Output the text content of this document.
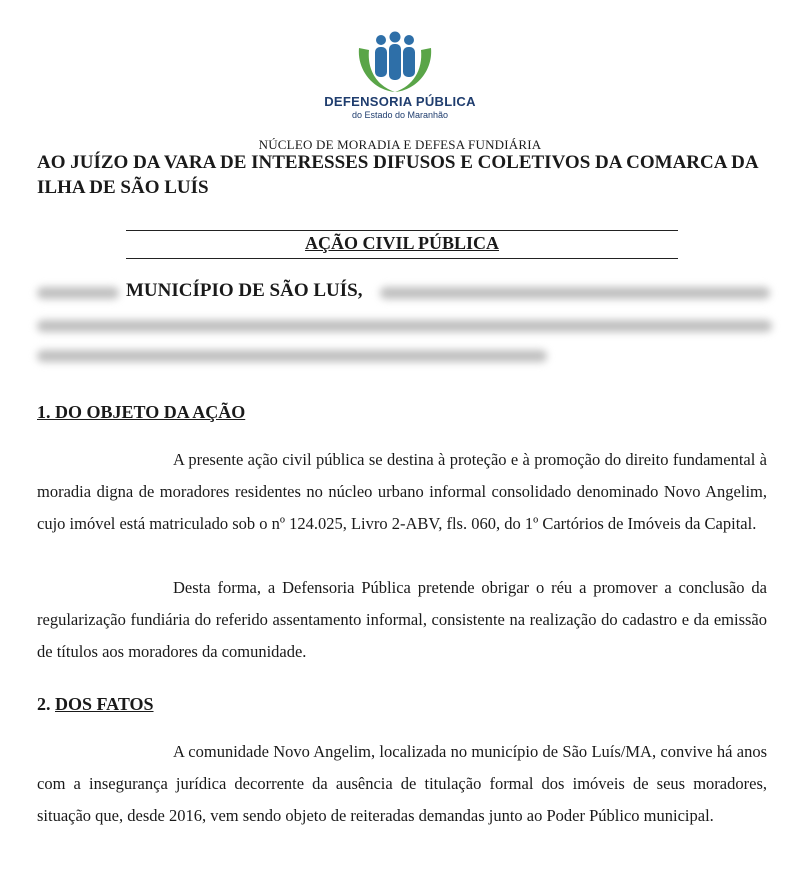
DEFENSORIA PÚBLICA
do Estado do Maranhão
NÚCLEO DE MORADIA E DEFESA FUNDIÁRIA
AO JUÍZO DA VARA DE INTERESSES DIFUSOS E COLETIVOS DA COMARCA DA ILHA DE SÃO LUÍS
AÇÃO CIVIL PÚBLICA
MUNICÍPIO DE SÃO LUÍS,
1. DO OBJETO DA AÇÃO

A presente ação civil pública se destina à proteção e à promoção do direito fundamental à moradia digna de moradores residentes no núcleo urbano informal consolidado denominado Novo Angelim, cujo imóvel está matriculado sob o nº 124.025, Livro 2-ABV, fls. 060, do 1º Cartórios de Imóveis da Capital.

Desta forma, a Defensoria Pública pretende obrigar o réu a promover a conclusão da regularização fundiária do referido assentamento informal, consistente na realização do cadastro e da emissão de títulos aos moradores da comunidade.

2. DOS FATOS

A comunidade Novo Angelim, localizada no município de São Luís/MA, convive há anos com a insegurança jurídica decorrente da ausência de titulação formal dos imóveis de seus moradores, situação que, desde 2016, vem sendo objeto de reiteradas demandas junto ao Poder Público municipal.
